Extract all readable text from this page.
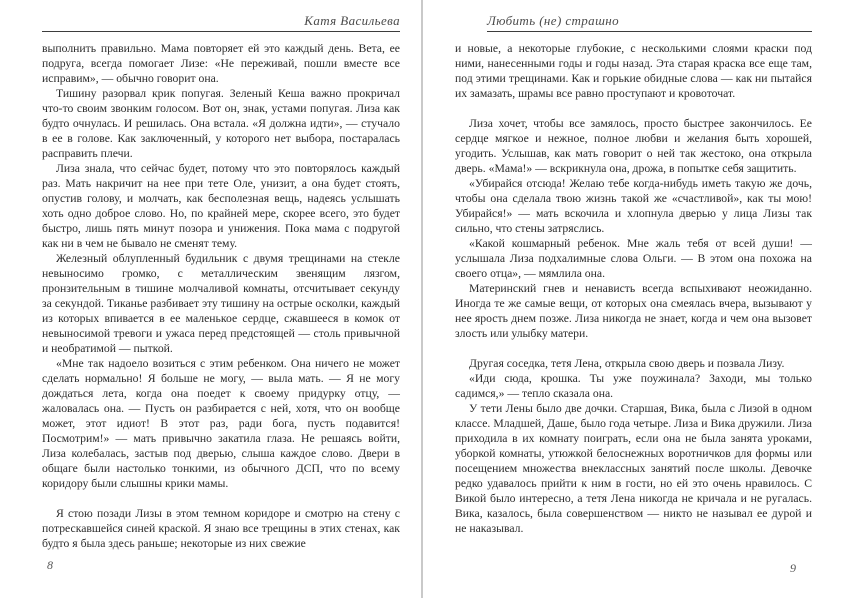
Катя Васильева

выполнить правильно. Мама повторяет ей это каждый день. Вета, ее подруга, всегда помогает Лизе: «Не переживай, пошли вместе все исправим», — обычно говорит она.

Тишину разорвал крик попугая. Зеленый Кеша важно прокричал что-то своим звонким голосом. Вот он, знак, устами попугая. Лиза как будто очнулась. И решилась. Она встала. «Я должна идти», — стучало в ее в голове. Как заключенный, у которого нет выбора, постаралась расправить плечи.

Лиза знала, что сейчас будет, потому что это повторялось каждый раз. Мать накричит на нее при тете Оле, унизит, а она будет стоять, опустив голову, и молчать, как бесполезная вещь, надеясь услышать хоть одно доброе слово. Но, по крайней мере, скорее всего, это будет быстро, лишь пять минут позора и унижения. Пока мама с подругой как ни в чем не бывало не сменят тему.

Железный облупленный будильник с двумя трещинами на стекле невыносимо громко, с металлическим звенящим лязгом, пронзительным в тишине молчаливой комнаты, отсчитывает секунду за секундой. Тиканье разбивает эту тишину на острые осколки, каждый из которых впивается в ее маленькое сердце, сжавшееся в комок от невыносимой тревоги и ужаса перед предстоящей — столь привычной и необратимой — пыткой.

«Мне так надоело возиться с этим ребенком. Она ничего не может сделать нормально! Я больше не могу, — выла мать. — Я не могу дождаться лета, когда она поедет к своему придурку отцу, — жаловалась она. — Пусть он разбирается с ней, хотя, что он вообще может, этот идиот! В этот раз, ради бога, пусть подавится! Посмотрим!» — мать привычно закатила глаза. Не решаясь войти, Лиза колебалась, застыв под дверью, слыша каждое слово. Двери в общаге были настолько тонкими, из обычного ДСП, что по всему коридору были слышны крики мамы.

Я стою позади Лизы в этом темном коридоре и смотрю на стену с потрескавшейся синей краской. Я знаю все трещины в этих стенах, как будто я была здесь раньше; некоторые из них свежие

Любить (не) страшно

и новые, а некоторые глубокие, с несколькими слоями краски под ними, нанесенными годы и годы назад. Эта старая краска все еще там, под этими трещинами. Как и горькие обидные слова — как ни пытайся их замазать, шрамы все равно проступают и кровоточат.

Лиза хочет, чтобы все замялось, просто быстрее закончилось. Ее сердце мягкое и нежное, полное любви и желания быть хорошей, угодить. Услышав, как мать говорит о ней так жестоко, она открыла дверь. «Мама!» — вскрикнула она, дрожа, в попытке себя защитить.

«Убирайся отсюда! Желаю тебе когда-нибудь иметь такую же дочь, чтобы она сделала твою жизнь такой же «счастливой», как ты мою! Убирайся!» — мать вскочила и хлопнула дверью у лица Лизы так сильно, что стены затряслись.

«Какой кошмарный ребенок. Мне жаль тебя от всей души! — услышала Лиза подхалимные слова Ольги. — В этом она похожа на своего отца», — мямлила она.

Материнский гнев и ненависть всегда вспыхивают неожиданно. Иногда те же самые вещи, от которых она смеялась вчера, вызывают у нее ярость днем позже. Лиза никогда не знает, когда и чем она вызовет злость или улыбку матери.

Другая соседка, тетя Лена, открыла свою дверь и позвала Лизу.

«Иди сюда, крошка. Ты уже поужинала? Заходи, мы только садимся,» — тепло сказала она.

У тети Лены было две дочки. Старшая, Вика, была с Лизой в одном классе. Младшей, Даше, было года четыре. Лиза и Вика дружили. Лиза приходила в их комнату поиграть, если она не была занята уроками, уборкой комнаты, утюжкой белоснежных воротничков для формы или посещением множества внеклассных занятий после школы. Девочке редко удавалось прийти к ним в гости, но ей это очень нравилось. С Викой было интересно, а тетя Лена никогда не кричала и не ругалась. Вика, казалось, была совершенством — никто не называл ее дурой и не наказывал.

8	9
